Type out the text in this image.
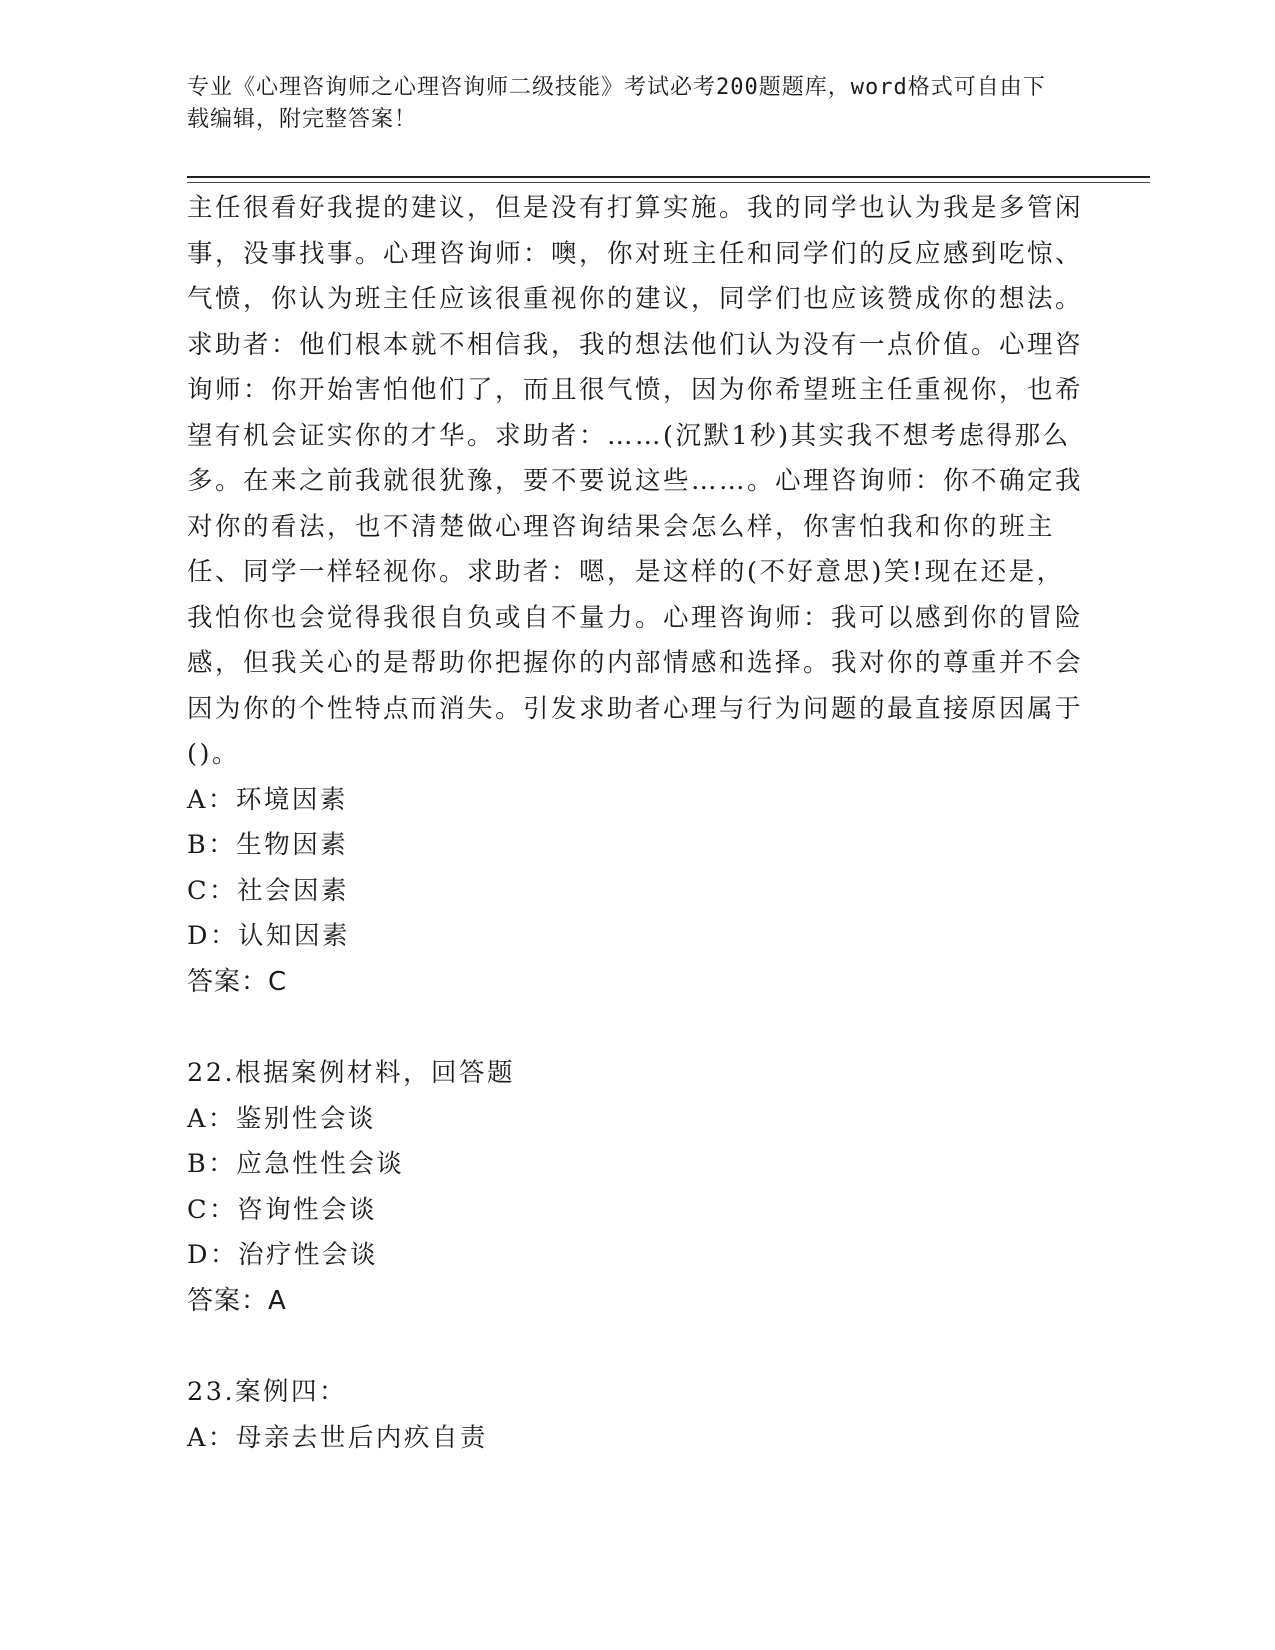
专业《心理咨询师之心理咨询师二级技能》考试必考200题题库，word格式可自由下载编辑，附完整答案！

主任很看好我提的建议，但是没有打算实施。我的同学也认为我是多管闲事，没事找事。心理咨询师：噢，你对班主任和同学们的反应感到吃惊、气愤，你认为班主任应该很重视你的建议，同学们也应该赞成你的想法。求助者：他们根本就不相信我，我的想法他们认为没有一点价值。心理咨询师：你开始害怕他们了，而且很气愤，因为你希望班主任重视你，也希望有机会证实你的才华。求助者：……(沉默1秒)其实我不想考虑得那么多。在来之前我就很犹豫，要不要说这些……。心理咨询师：你不确定我对你的看法，也不清楚做心理咨询结果会怎么样，你害怕我和你的班主任、同学一样轻视你。求助者：嗯，是这样的(不好意思)笑!现在还是，我怕你也会觉得我很自负或自不量力。心理咨询师：我可以感到你的冒险感，但我关心的是帮助你把握你的内部情感和选择。我对你的尊重并不会因为你的个性特点而消失。引发求助者心理与行为问题的最直接原因属于()。

A：环境因素

B：生物因素

C：社会因素

D：认知因素

答案：C

22.根据案例材料，回答题

A：鉴别性会谈

B：应急性性会谈

C：咨询性会谈

D：治疗性会谈

答案：A

23.案例四：

A：母亲去世后内疚自责
